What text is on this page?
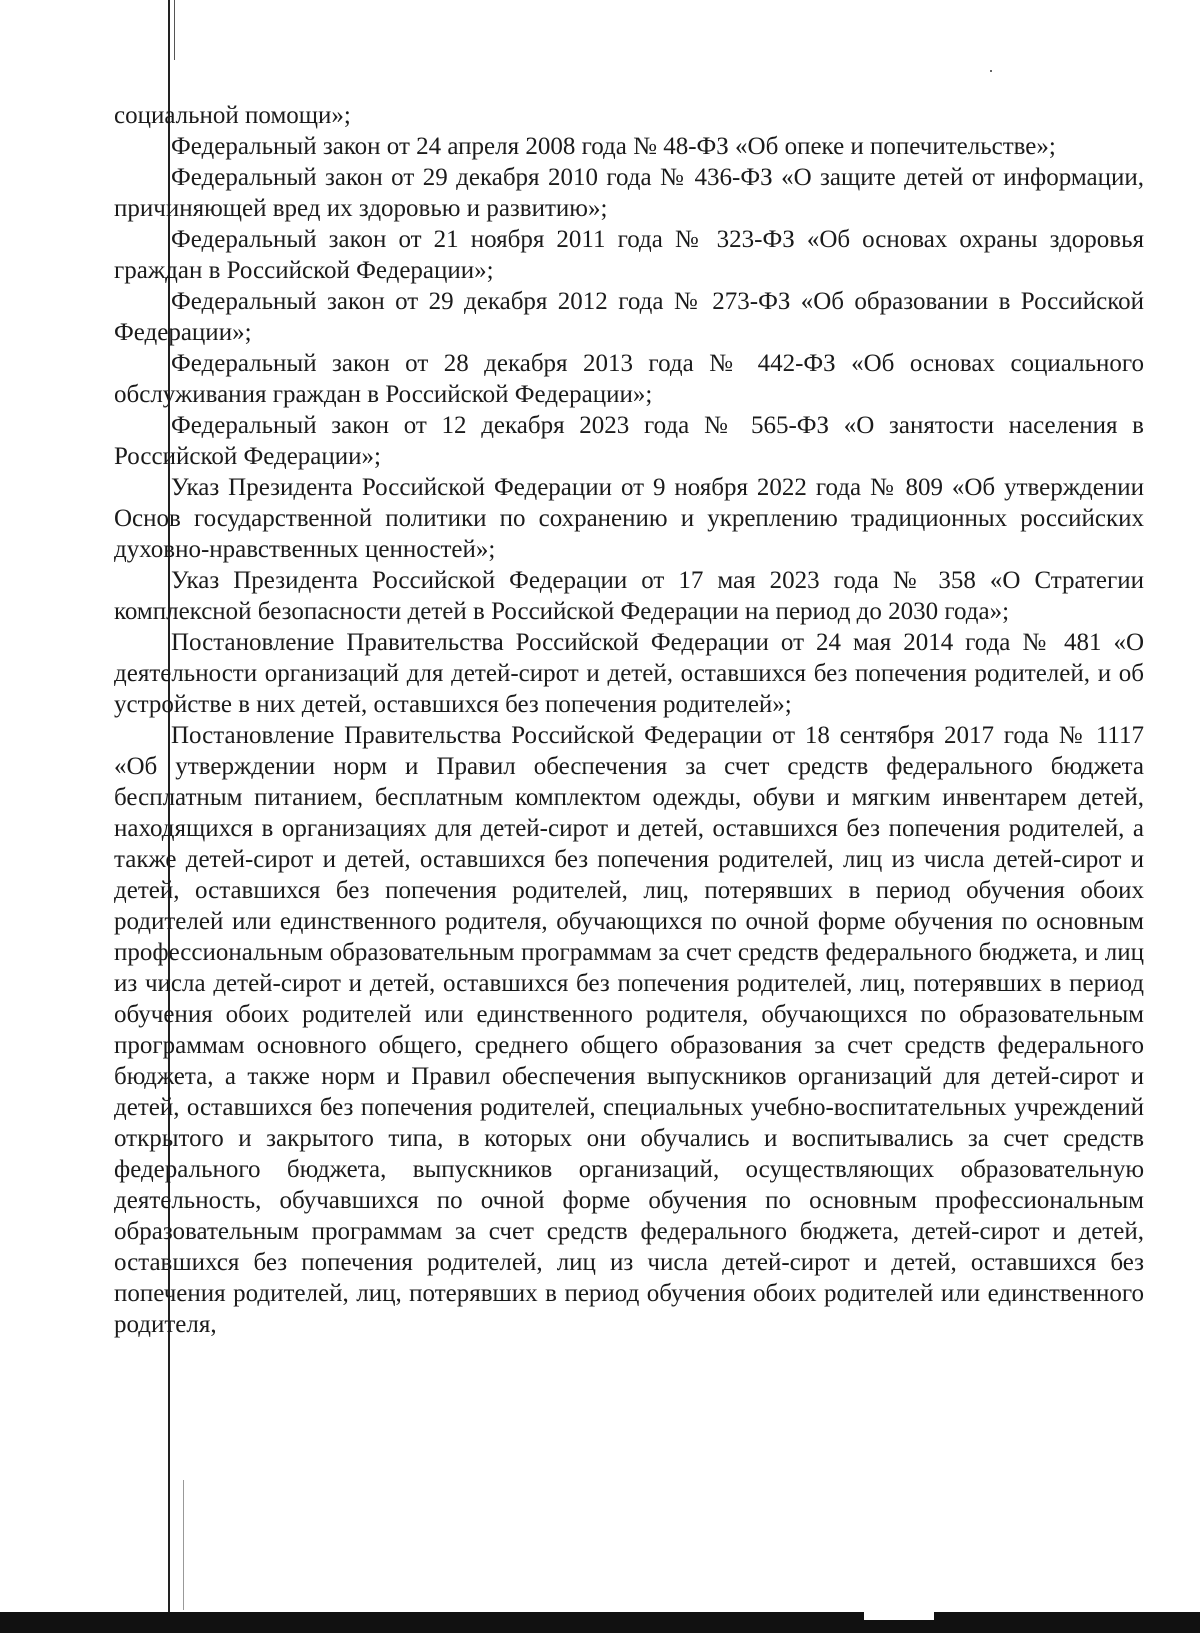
социальной помощи»;

Федеральный закон от 24 апреля 2008 года № 48-ФЗ «Об опеке и попечительстве»;

Федеральный закон от 29 декабря 2010 года № 436-ФЗ «О защите детей от информации, причиняющей вред их здоровью и развитию»;

Федеральный закон от 21 ноября 2011 года № 323-ФЗ «Об основах охраны здоровья граждан в Российской Федерации»;

Федеральный закон от 29 декабря 2012 года № 273-ФЗ «Об образовании в Российской Федерации»;

Федеральный закон от 28 декабря 2013 года № 442-ФЗ «Об основах социального обслуживания граждан в Российской Федерации»;

Федеральный закон от 12 декабря 2023 года № 565-ФЗ «О занятости населения в Российской Федерации»;

Указ Президента Российской Федерации от 9 ноября 2022 года № 809 «Об утверждении Основ государственной политики по сохранению и укреплению традиционных российских духовно-нравственных ценностей»;

Указ Президента Российской Федерации от 17 мая 2023 года № 358 «О Стратегии комплексной безопасности детей в Российской Федерации на период до 2030 года»;

Постановление Правительства Российской Федерации от 24 мая 2014 года № 481 «О деятельности организаций для детей-сирот и детей, оставшихся без попечения родителей, и об устройстве в них детей, оставшихся без попечения родителей»;

Постановление Правительства Российской Федерации от 18 сентября 2017 года № 1117 «Об утверждении норм и Правил обеспечения за счет средств федерального бюджета бесплатным питанием, бесплатным комплектом одежды, обуви и мягким инвентарем детей, находящихся в организациях для детей-сирот и детей, оставшихся без попечения родителей, а также детей-сирот и детей, оставшихся без попечения родителей, лиц из числа детей-сирот и детей, оставшихся без попечения родителей, лиц, потерявших в период обучения обоих родителей или единственного родителя, обучающихся по очной форме обучения по основным профессиональным образовательным программам за счет средств федерального бюджета, и лиц из числа детей-сирот и детей, оставшихся без попечения родителей, лиц, потерявших в период обучения обоих родителей или единственного родителя, обучающихся по образовательным программам основного общего, среднего общего образования за счет средств федерального бюджета, а также норм и Правил обеспечения выпускников организаций для детей-сирот и детей, оставшихся без попечения родителей, специальных учебно-воспитательных учреждений открытого и закрытого типа, в которых они обучались и воспитывались за счет средств федерального бюджета, выпускников организаций, осуществляющих образовательную деятельность, обучавшихся по очной форме обучения по основным профессиональным образовательным программам за счет средств федерального бюджета, детей-сирот и детей, оставшихся без попечения родителей, лиц из числа детей-сирот и детей, оставшихся без попечения родителей, лиц, потерявших в период обучения обоих родителей или единственного родителя,
